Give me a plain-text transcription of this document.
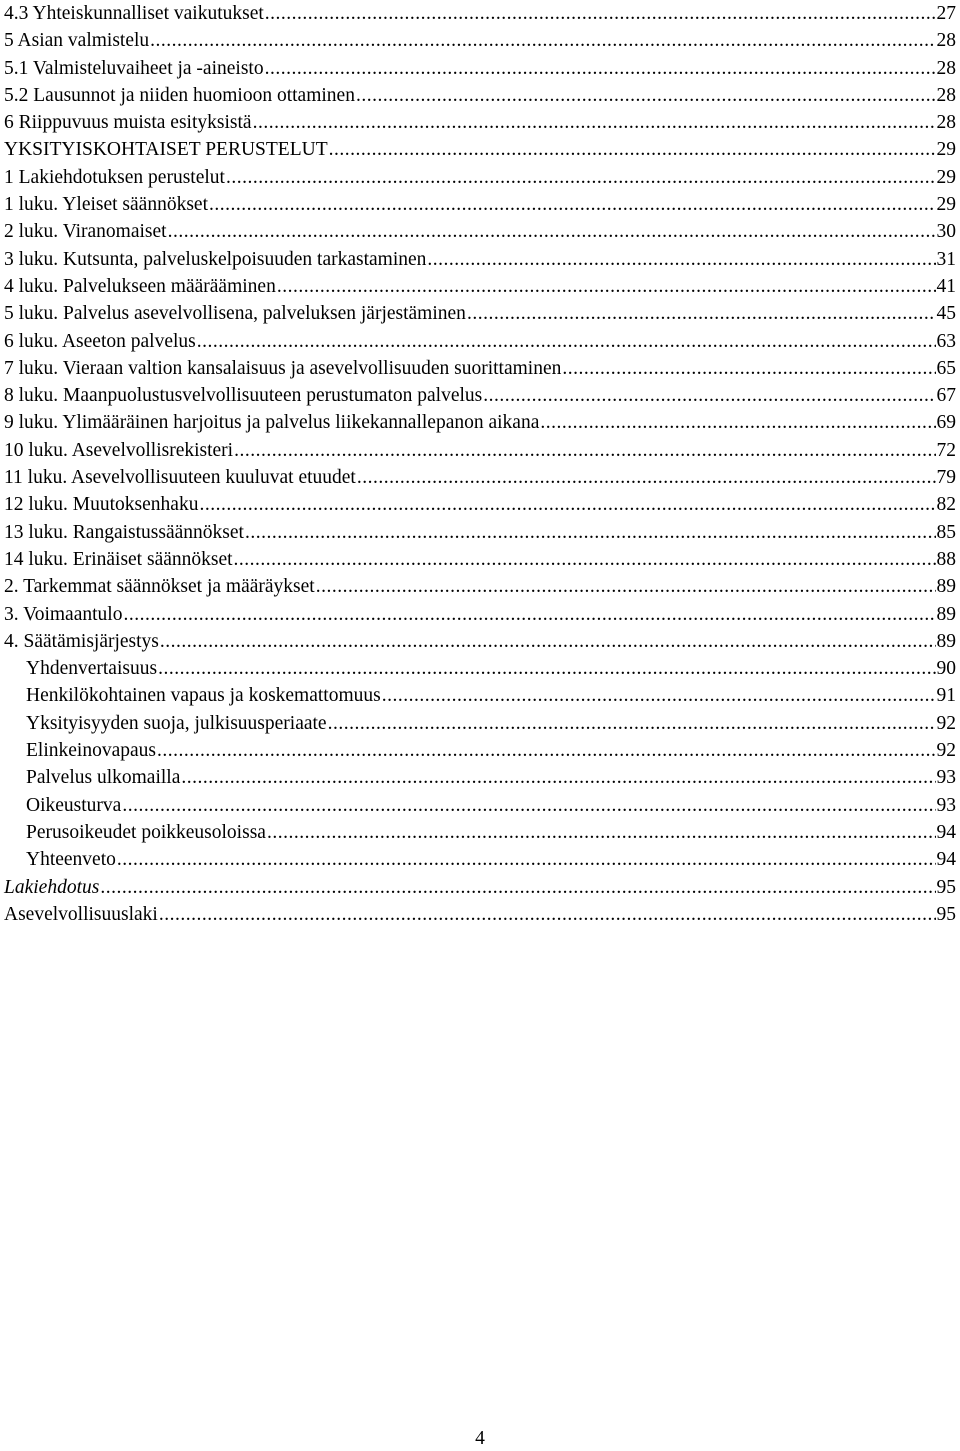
4.3 Yhteiskunnalliset vaikutukset .....	27
5 Asian valmistelu .....	28
5.1 Valmisteluvaiheet ja -aineisto .....	28
5.2 Lausunnot ja niiden huomioon ottaminen .....	28
6 Riippuvuus muista esityksistä .....	28
YKSITYISKOHTAISET PERUSTELUT .....	29
1 Lakiehdotuksen perustelut .....	29
1 luku. Yleiset säännökset .....	29
2 luku. Viranomaiset .....	30
3 luku. Kutsunta, palveluskelpoisuuden tarkastaminen .....	31
4 luku. Palvelukseen määrääminen .....	41
5 luku. Palvelus asevelvollisena, palveluksen järjestäminen .....	45
6 luku. Aseeton palvelus .....	63
7 luku. Vieraan valtion kansalaisuus ja asevelvollisuuden suorittaminen .....	65
8 luku. Maanpuolustusvelvollisuuteen perustumaton palvelus .....	67
9 luku. Ylimääräinen harjoitus ja palvelus liikekannallepanon aikana .....	69
10 luku. Asevelvollisrekisteri .....	72
11 luku. Asevelvollisuuteen kuuluvat etuudet .....	79
12 luku. Muutoksenhaku .....	82
13 luku. Rangaistussäännökset .....	85
14 luku. Erinäiset säännökset .....	88
2. Tarkemmat säännökset ja määräykset .....	89
3. Voimaantulo .....	89
4. Säätämisjärjestys .....	89
Yhdenvertaisuus .....	90
Henkilökohtainen vapaus ja koskemattomuus .....	91
Yksityisyyden suoja, julkisuusperiaate .....	92
Elinkeinovapaus .....	92
Palvelus ulkomailla .....	93
Oikeusturva .....	93
Perusoikeudet poikkeusoloissa .....	94
Yhteenveto .....	94
Lakiehdotus .....	95
Asevelvollisuuslaki .....	95
4
